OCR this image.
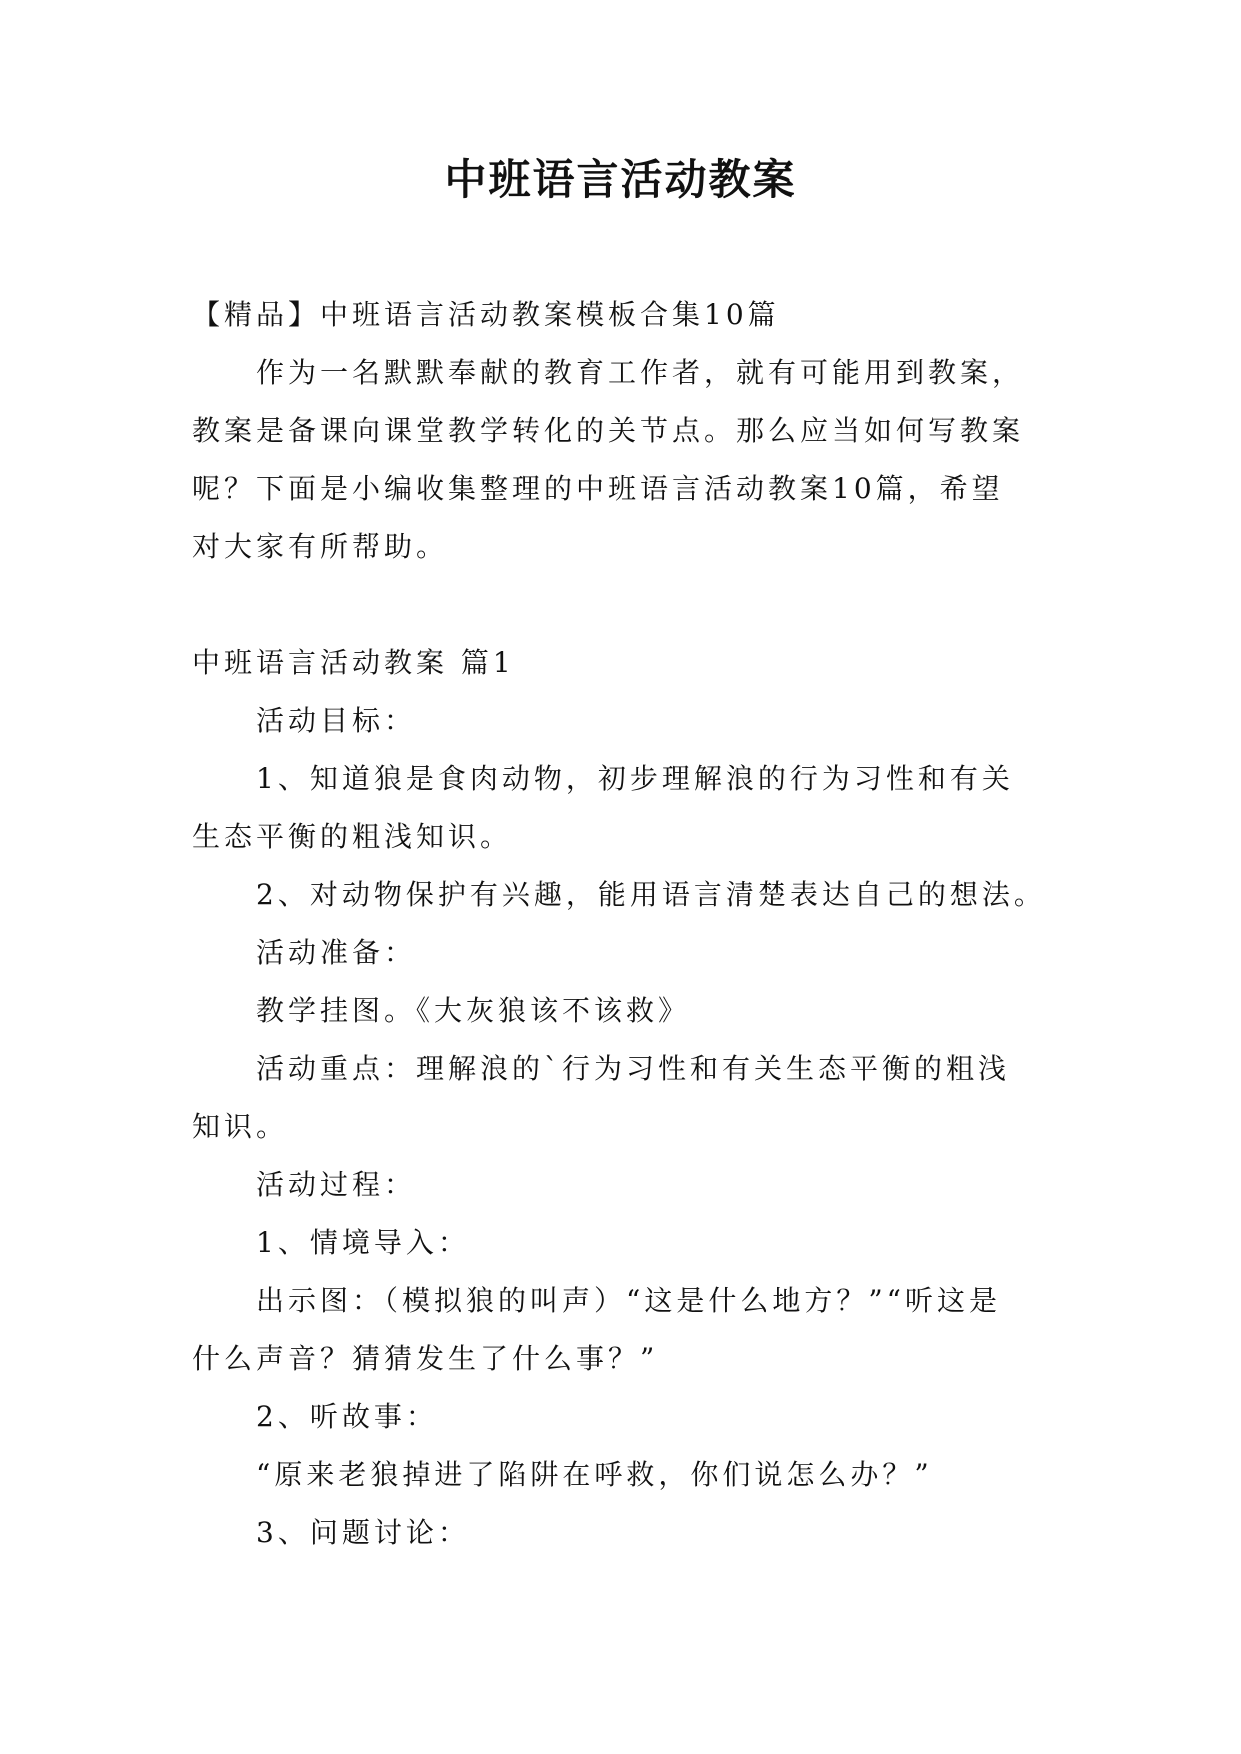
中班语言活动教案

【精品】中班语言活动教案模板合集10篇

作为一名默默奉献的教育工作者，就有可能用到教案，

教案是备课向课堂教学转化的关节点。那么应当如何写教案

呢？下面是小编收集整理的中班语言活动教案10篇，希望

对大家有所帮助。

中班语言活动教案 篇1

活动目标：

1、知道狼是食肉动物，初步理解浪的行为习性和有关

生态平衡的粗浅知识。

2、对动物保护有兴趣，能用语言清楚表达自己的想法。

活动准备：

教学挂图。《大灰狼该不该救》

活动重点：理解浪的`行为习性和有关生态平衡的粗浅

知识。

活动过程：

1、情境导入：

出示图：（模拟狼的叫声）“这是什么地方？”“听这是

什么声音？猜猜发生了什么事？”

2、听故事：

“原来老狼掉进了陷阱在呼救，你们说怎么办？”

3、问题讨论：
